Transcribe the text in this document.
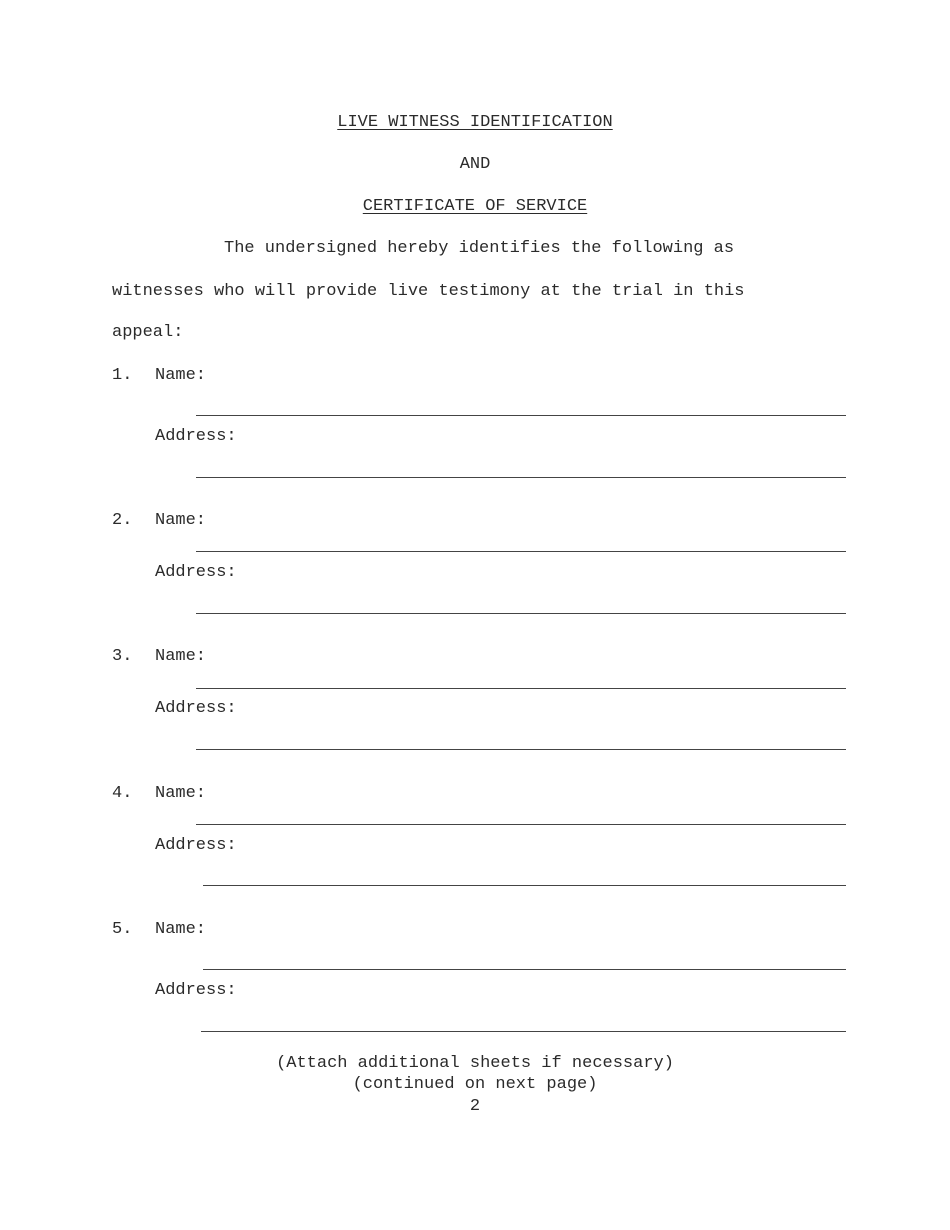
LIVE WITNESS IDENTIFICATION
AND
CERTIFICATE OF SERVICE
The undersigned hereby identifies the following as
witnesses who will provide live testimony at the trial in this
appeal:
1. Name:
Address:
2. Name:
Address:
3. Name:
Address:
4. Name:
Address:
5. Name:
Address:
(Attach additional sheets if necessary)
(continued on next page)
2
